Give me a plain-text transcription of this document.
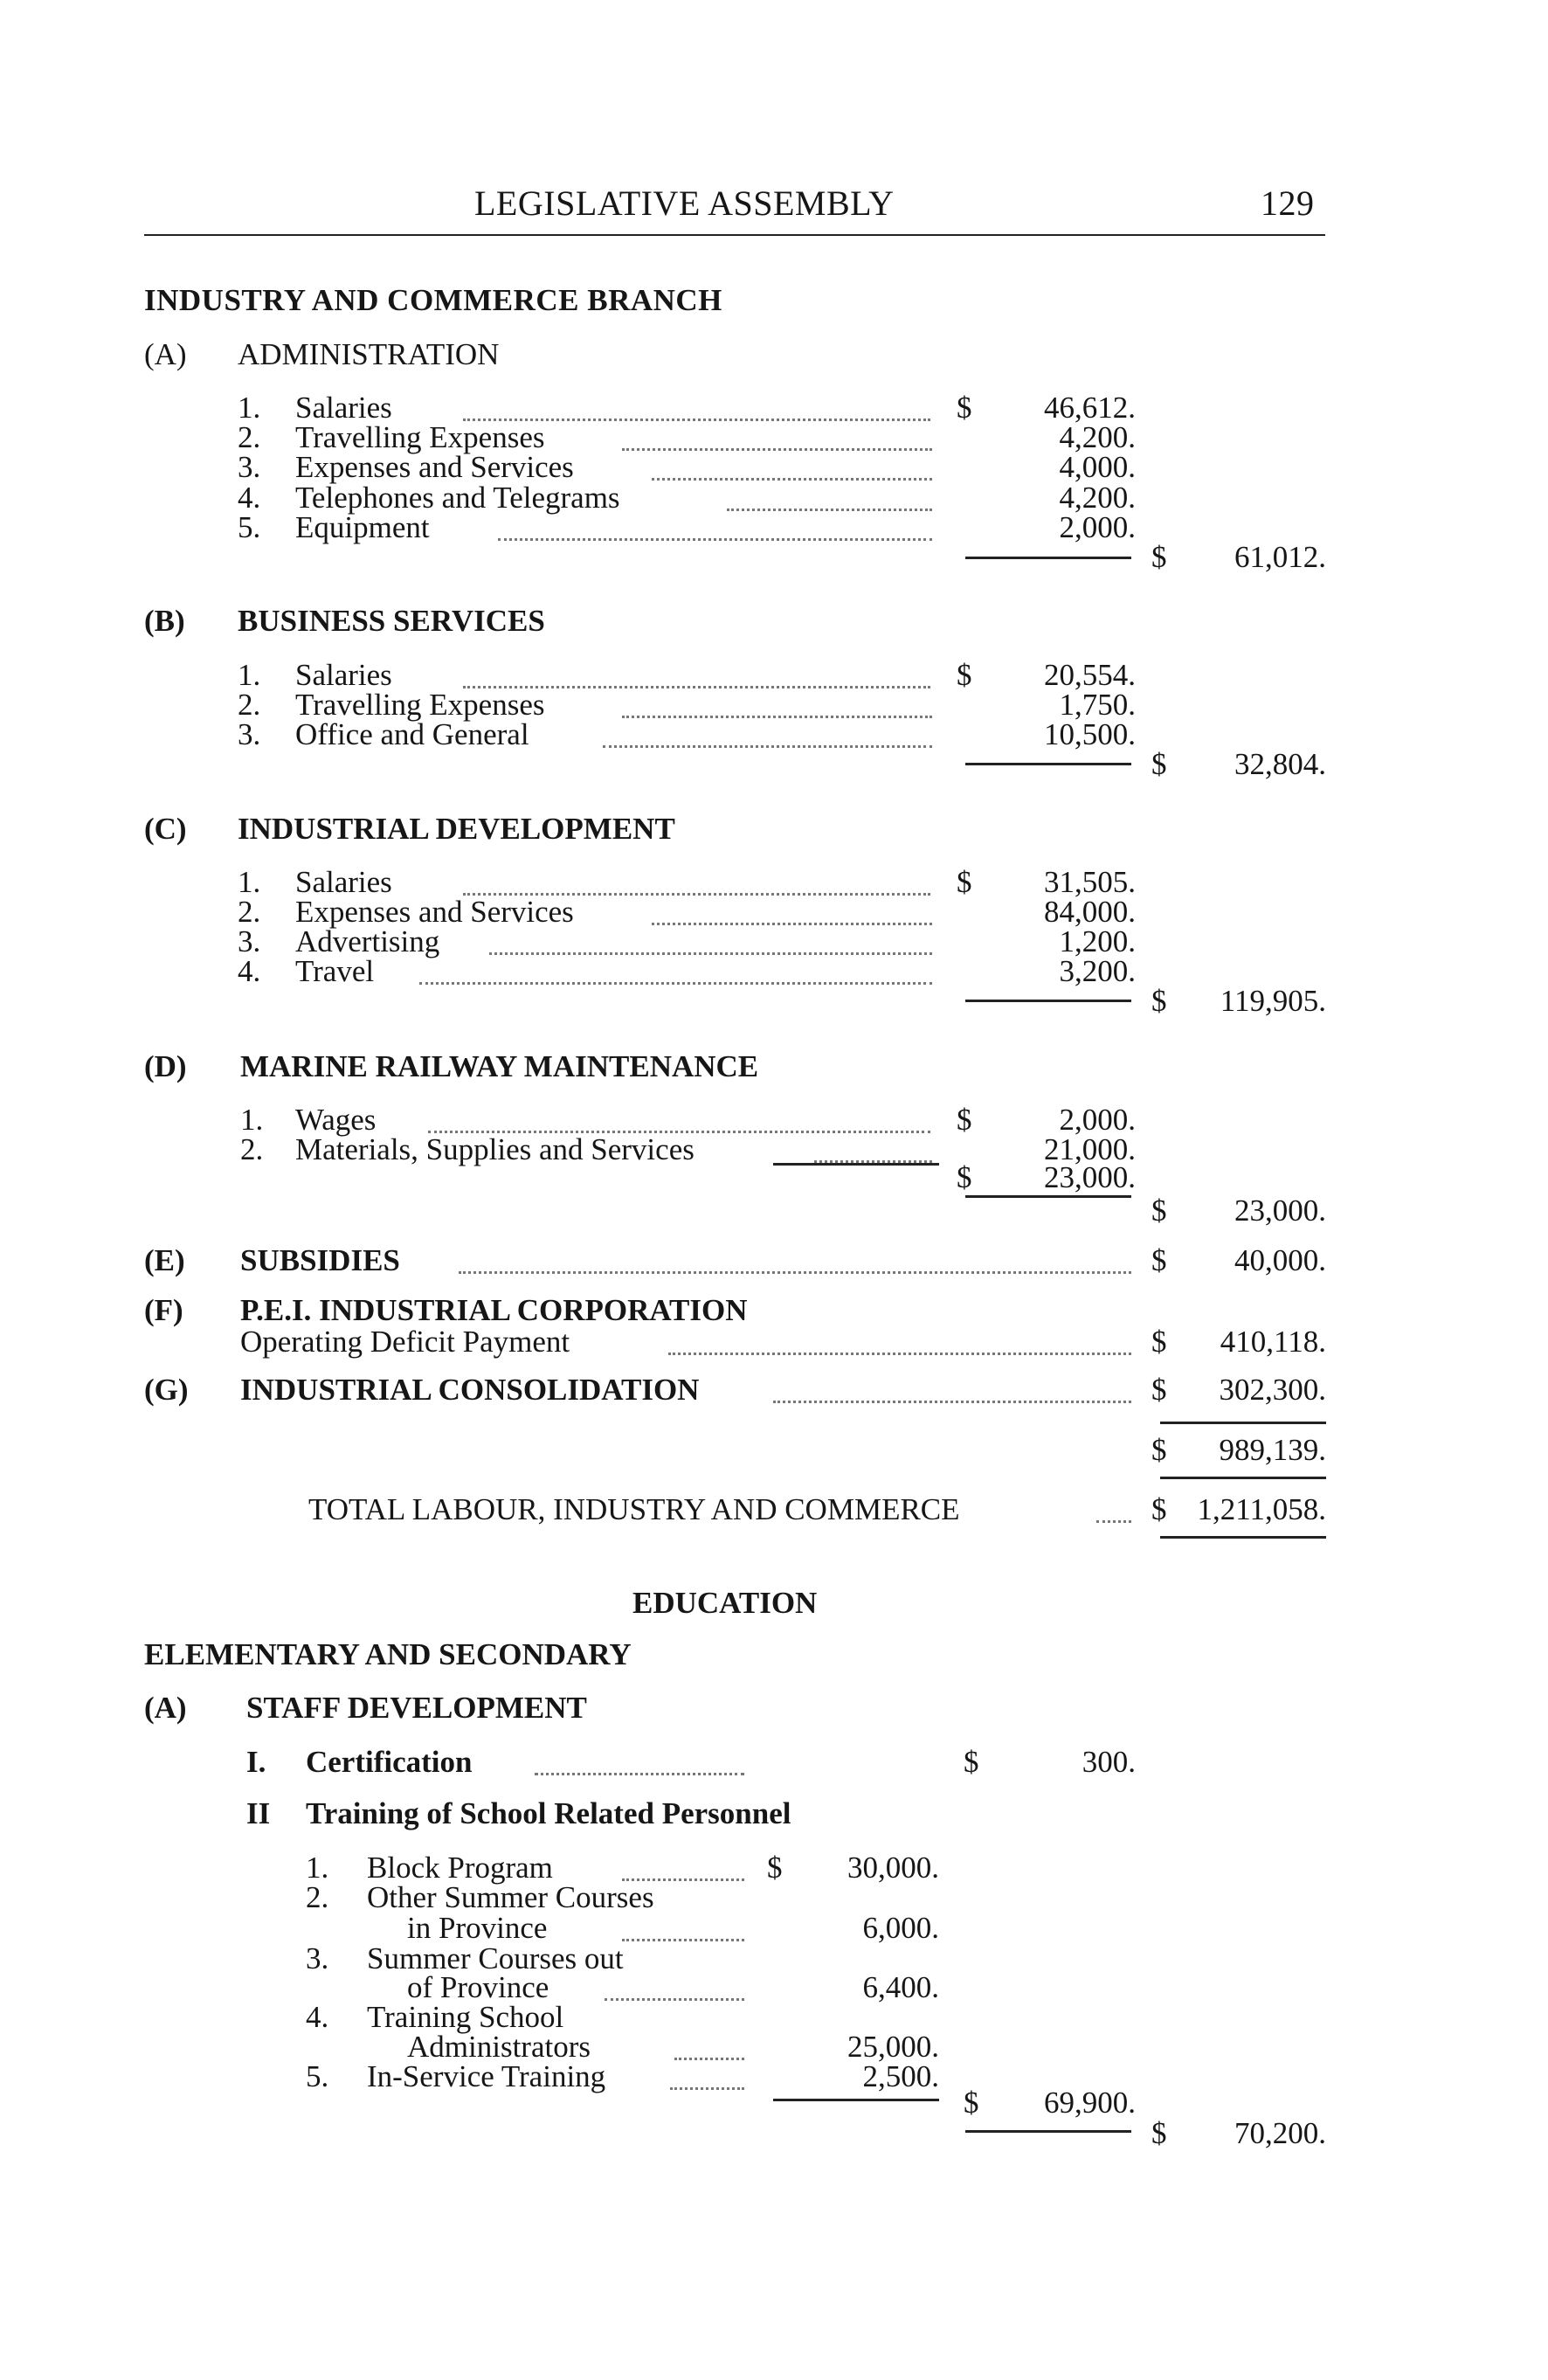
LEGISLATIVE ASSEMBLY	129
INDUSTRY AND COMMERCE BRANCH
(A) ADMINISTRATION
1. Salaries	$	46,612.
2. Travelling Expenses	4,200.
3. Expenses and Services	4,000.
4. Telephones and Telegrams	4,200.
5. Equipment	2,000.
$	61,012.
(B) BUSINESS SERVICES
1. Salaries	$	20,554.
2. Travelling Expenses	1,750.
3. Office and General	10,500.
$	32,804.
(C) INDUSTRIAL DEVELOPMENT
1. Salaries	$	31,505.
2. Expenses and Services	84,000.
3. Advertising	1,200.
4. Travel	3,200.
$	119,905.
(D) MARINE RAILWAY MAINTENANCE
1. Wages	$	2,000.
2. Materials, Supplies and Services	21,000.
$	23,000.
$	23,000.
(E) SUBSIDIES	$	40,000.
(F) P.E.I. INDUSTRIAL CORPORATION
Operating Deficit Payment	$	410,118.
(G) INDUSTRIAL CONSOLIDATION	$	302,300.
$	989,139.
TOTAL LABOUR, INDUSTRY AND COMMERCE	$	1,211,058.
EDUCATION
ELEMENTARY AND SECONDARY
(A) STAFF DEVELOPMENT
I. Certification	$	300.
II Training of School Related Personnel
1. Block Program	$	30,000.
2. Other Summer Courses
in Province	6,000.
3. Summer Courses out
of Province	6,400.
4. Training School
Administrators	25,000.
5. In-Service Training	2,500.
$	69,900.
$	70,200.
